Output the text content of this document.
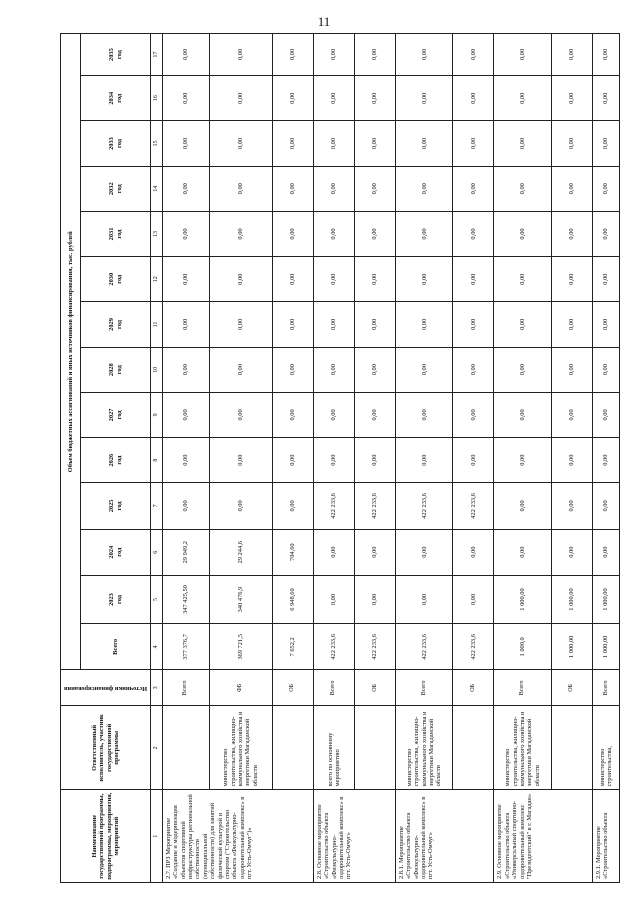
11
Наименование государственной программы, подпрограммы, мероприятия, мероприятий	Ответственный исполнитель, участник государственной программы	Источники финансирования	Объем бюджетных ассигнований и иных источников финансирования, тыс. рублей													
			Всего	2023 год	2024 год	2025 год	2026 год	2027 год	2028 год	2029 год	2030 год	2031 год	2032 год	2033 год	2034 год	2035 год

1	2	3	4	5	6	7	8	9	10	11	12	13	14	15	16	17
2.7. ПРЗ Мероприятие «Создание и модернизация объектов спортивной инфраструктуры региональной собственности (муниципальной собственности) для занятий физической культурой и спортом ("Строительство объекта «Физкультурно-оздоровительный комплекс» в пгт. Усть-Омчуг")»		Всего	377 376,7	347 425,50	29 949,2	0,00	0,00	0,00	0,00	0,00	0,00	0,00	0,00	0,00	0,00	0,00
	министерство строительства, жилищно-коммунального хозяйства и энергетики Магаданской области	ФБ	369 721,5	340 476,9	29 244,6	0,00	0,00	0,00	0,00	0,00	0,00	0,00	0,00	0,00	0,00	0,00
		ОБ	7 652,2	6 948,60	704,60	0,00	0,00	0,00	0,00	0,00	0,00	0,00	0,00	0,00	0,00	0,00
2.8. Основное мероприятие «Строительство объекта «Физкультурно-оздоровительный комплекс» в пгт. Усть-Омчуг»	всего по основному мероприятию	Всего	422 233,6	0,00	0,00	422 233,6	0,00	0,00	0,00	0,00	0,00	0,00	0,00	0,00	0,00	0,00
		ОБ	422 233,6	0,00	0,00	422 233,6	0,00	0,00	0,00	0,00	0,00	0,00	0,00	0,00	0,00	0,00
2.8.1. Мероприятие «Строительство объекта «Физкультурно-оздоровительный комплекс» в пгт. Усть-Омчуг»	министерство строительства, жилищно-коммунального хозяйства и энергетики Магаданской области	Всего	422 233,6	0,00	0,00	422 233,6	0,00	0,00	0,00	0,00	0,00	0,00	0,00	0,00	0,00	0,00
		ОБ	422 233,6	0,00	0,00	422 233,6	0,00	0,00	0,00	0,00	0,00	0,00	0,00	0,00	0,00	0,00
2.9. Основное мероприятие «Строительство объекта «Универсальный спортивно-оздоровительный комплекс "Президентский" в г. Магадан»	министерство строительства, жилищно-коммунального хозяйства и энергетики Магаданской области	Всего	1 000,0	1 000,00	0,00	0,00	0,00	0,00	0,00	0,00	0,00	0,00	0,00	0,00	0,00	0,00
		ОБ	1 000,00	1 000,00	0,00	0,00	0,00	0,00	0,00	0,00	0,00	0,00	0,00	0,00	0,00	0,00
2.9.1. Мероприятие «Строительство объекта	министерство строительства,	Всего	1 000,00	1 000,00	0,00	0,00	0,00	0,00	0,00	0,00	0,00	0,00	0,00	0,00	0,00	0,00
